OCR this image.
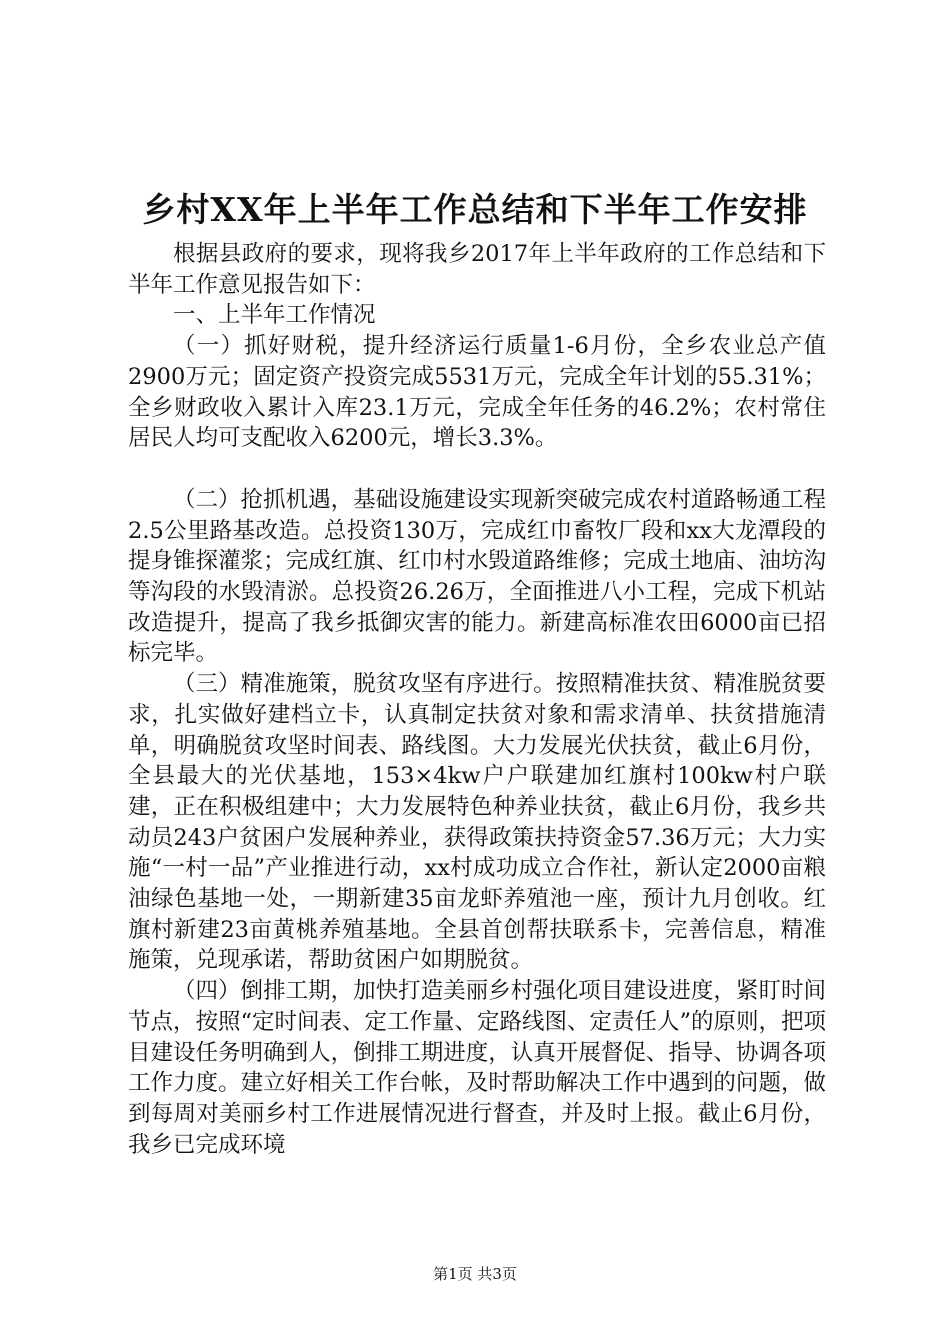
乡村XX年上半年工作总结和下半年工作安排

根据县政府的要求，现将我乡2017年上半年政府的工作总结和下半年工作意见报告如下：

一、上半年工作情况

（一）抓好财税，提升经济运行质量1-6月份，全乡农业总产值2900万元；固定资产投资完成5531万元，完成全年计划的55.31%；全乡财政收入累计入库23.1万元，完成全年任务的46.2%；农村常住居民人均可支配收入6200元，增长3.3%。

（二）抢抓机遇，基础设施建设实现新突破完成农村道路畅通工程2.5公里路基改造。总投资130万，完成红巾畜牧厂段和xx大龙潭段的提身锥探灌浆；完成红旗、红巾村水毁道路维修；完成土地庙、油坊沟等沟段的水毁清淤。总投资26.26万，全面推进八小工程，完成下机站改造提升，提高了我乡抵御灾害的能力。新建高标准农田6000亩已招标完毕。

（三）精准施策，脱贫攻坚有序进行。按照精准扶贫、精准脱贫要求，扎实做好建档立卡，认真制定扶贫对象和需求清单、扶贫措施清单，明确脱贫攻坚时间表、路线图。大力发展光伏扶贫，截止6月份，全县最大的光伏基地，153×4kw户户联建加红旗村100kw村户联建，正在积极组建中；大力发展特色种养业扶贫，截止6月份，我乡共动员243户贫困户发展种养业，获得政策扶持资金57.36万元；大力实施“一村一品”产业推进行动，xx村成功成立合作社，新认定2000亩粮油绿色基地一处，一期新建35亩龙虾养殖池一座，预计九月创收。红旗村新建23亩黄桃养殖基地。全县首创帮扶联系卡，完善信息，精准施策，兑现承诺，帮助贫困户如期脱贫。

（四）倒排工期，加快打造美丽乡村强化项目建设进度，紧盯时间节点，按照“定时间表、定工作量、定路线图、定责任人”的原则，把项目建设任务明确到人，倒排工期进度，认真开展督促、指导、协调各项工作力度。建立好相关工作台帐，及时帮助解决工作中遇到的问题，做到每周对美丽乡村工作进展情况进行督查，并及时上报。截止6月份，我乡已完成环境

第1页 共3页
